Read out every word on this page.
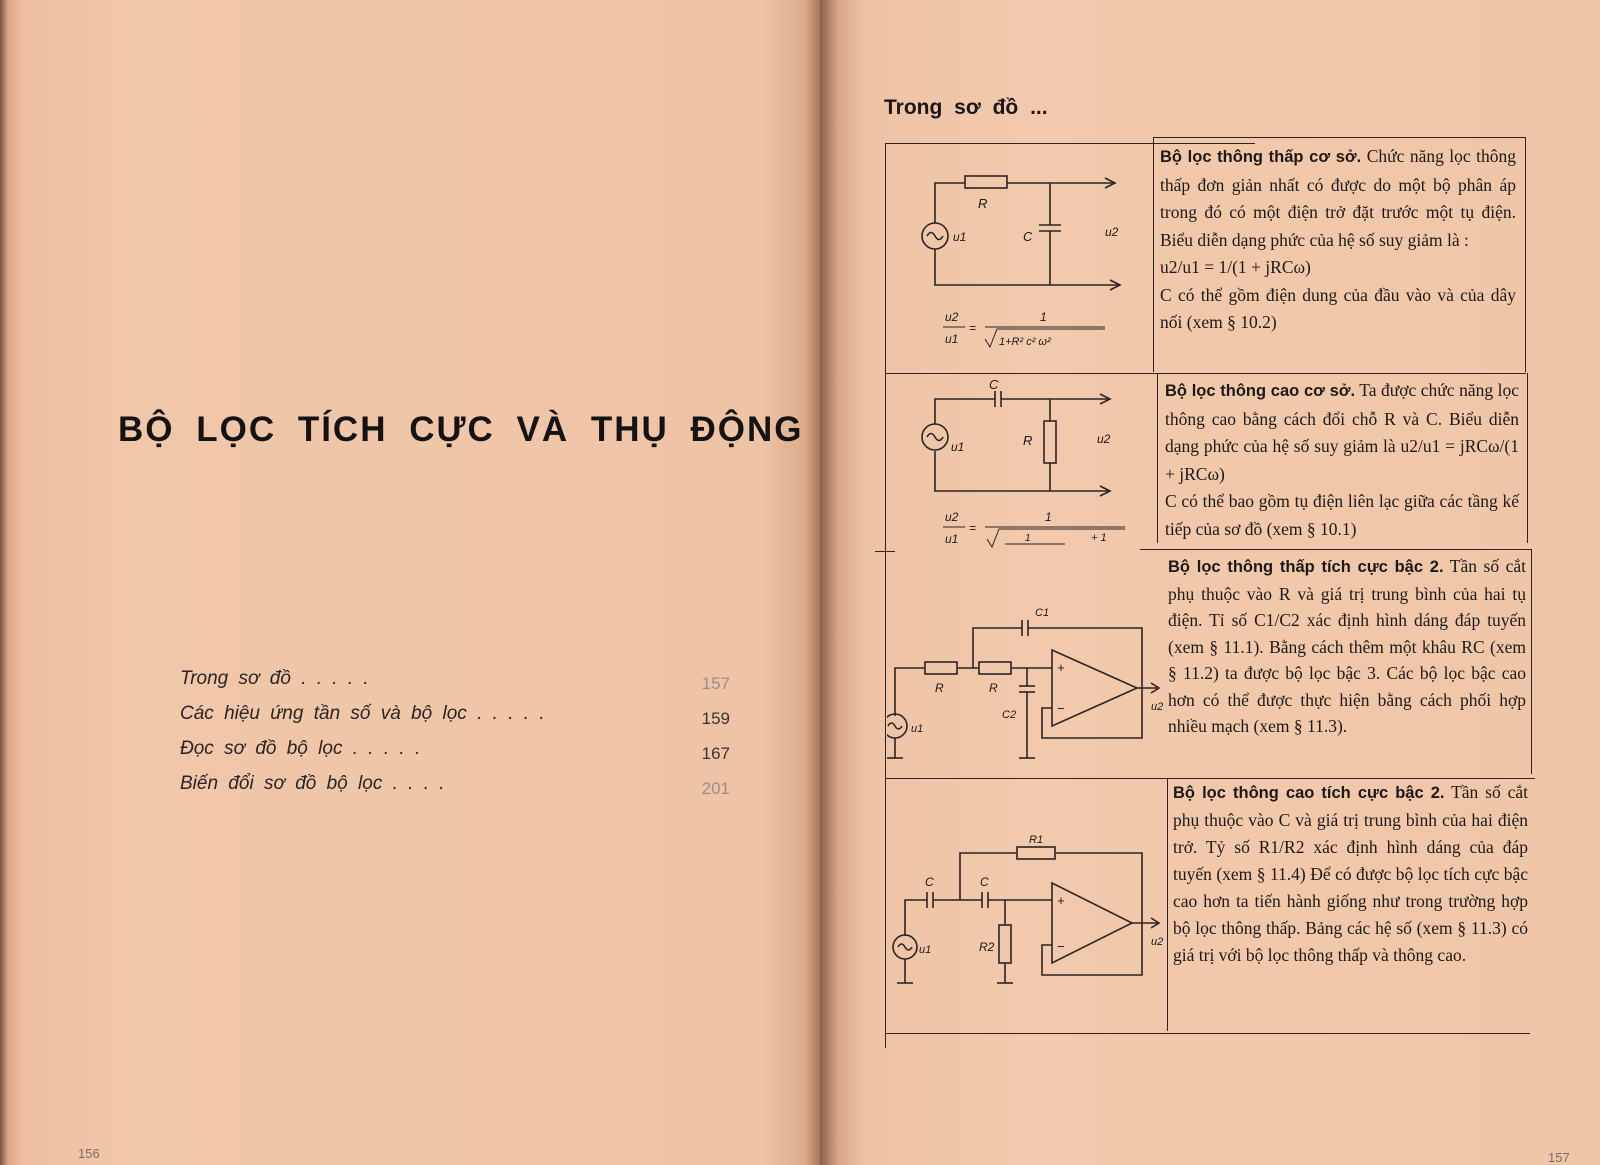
BỘ LỌC TÍCH CỰC VÀ THỤ ĐỘNG
Trong sơ đồ . . . . .	157
Các hiệu ứng tần số và bộ lọc . . . . .	159
Đọc sơ đồ bộ lọc . . . . .	167
Biến đổi sơ đồ bộ lọc . . . .	201
156
Trong sơ đồ ...
R
C
u1	u2
u2
u1
=
1
1+R² c² ω²
Bộ lọc thông thấp cơ sở. Chức năng lọc thông thấp đơn giản nhất có được do một bộ phân áp trong đó có một điện trở đặt trước một tụ điện. Biểu diễn dạng phức của hệ số suy giảm là :
u2/u1 = 1/(1 + jRCω)
C có thể gồm điện dung của đầu vào và của dây nối (xem § 10.2)
C
R
u1
u2
u2
u1
=
1
1	+ 1
Bộ lọc thông cao cơ sở. Ta được chức năng lọc thông cao bằng cách đổi chỗ R và C. Biểu diễn dạng phức của hệ số suy giảm là u2/u1 = jRCω/(1 + jRCω)
C có thể bao gồm tụ điện liên lạc giữa các tầng kế tiếp của sơ đồ (xem § 10.1)
+
−
R	R
C1
C2
u1
u2
Bộ lọc thông thấp tích cực bậc 2. Tần số cắt phụ thuộc vào R và giá trị trung bình của hai tụ điện. Tỉ số C1/C2 xác định hình dáng đáp tuyến (xem § 11.1). Bằng cách thêm một khâu RC (xem § 11.2) ta được bộ lọc bậc 3. Các bộ lọc bậc cao hơn có thể được thực hiện bằng cách phối hợp nhiều mạch (xem § 11.3).
+
−
C	C
R1
R2
u1
u2
Bộ lọc thông cao tích cực bậc 2. Tần số cắt phụ thuộc vào C và giá trị trung bình của hai điện trở. Tỷ số R1/R2 xác định hình dáng của đáp tuyến (xem § 11.4) Để có được bộ lọc tích cực bậc cao hơn ta tiến hành giống như trong trường hợp bộ lọc thông thấp. Bảng các hệ số (xem § 11.3) có giá trị với bộ lọc thông thấp và thông cao.
157
